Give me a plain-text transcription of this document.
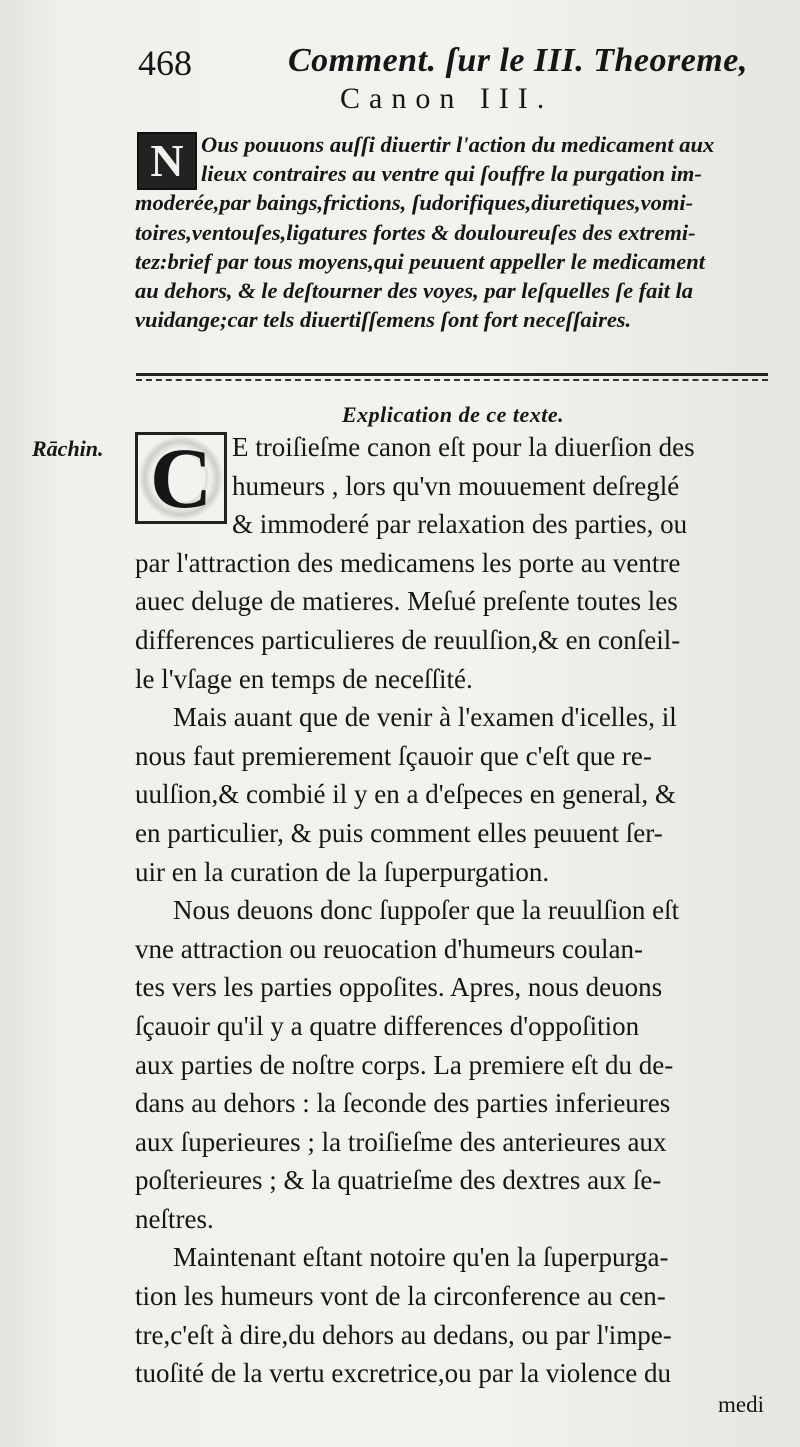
468	Comment. ſur le III. Theoreme,
Canon III.
N Ous pouuons auſſi diuertir l'action du medicament aux
lieux contraires au ventre qui ſouffre la purgation im-
moderée,par baings,frictions, ſudorifiques,diuretiques,vomi-
toires,ventouſes,ligatures fortes & douloureuſes des extremi-
tez:brief par tous moyens,qui peuuent appeller le medicament
au dehors, & le deſtourner des voyes, par leſquelles ſe fait la
vuidange;car tels diuertiſſemens ſont fort neceſſaires.
Explication de ce texte.
Rāchin. C E troiſieſme canon eſt pour la diuerſion des
humeurs , lors qu'vn mouuement deſreglé
& immoderé par relaxation des parties, ou
par l'attraction des medicamens les porte au ventre
auec deluge de matieres. Meſué preſente toutes les
differences particulieres de reuulſion,& en conſeil-
le l'vſage en temps de neceſſité.
Mais auant que de venir à l'examen d'icelles, il
nous faut premierement ſçauoir que c'eſt que re-
uulſion,& combié il y en a d'eſpeces en general, &
en particulier, & puis comment elles peuuent ſer-
uir en la curation de la ſuperpurgation.
Nous deuons donc ſuppoſer que la reuulſion eſt
vne attraction ou reuocation d'humeurs coulan-
tes vers les parties oppoſites. Apres, nous deuons
ſçauoir qu'il y a quatre differences d'oppoſition
aux parties de noſtre corps. La premiere eſt du de-
dans au dehors : la ſeconde des parties inferieures
aux ſuperieures ; la troiſieſme des anterieures aux
poſterieures ; & la quatrieſme des dextres aux ſe-
neſtres.
Maintenant eſtant notoire qu'en la ſuperpurga-
tion les humeurs vont de la circonference au cen-
tre,c'eſt à dire,du dehors au dedans, ou par l'impe-
tuoſité de la vertu excretrice,ou par la violence du
medi
